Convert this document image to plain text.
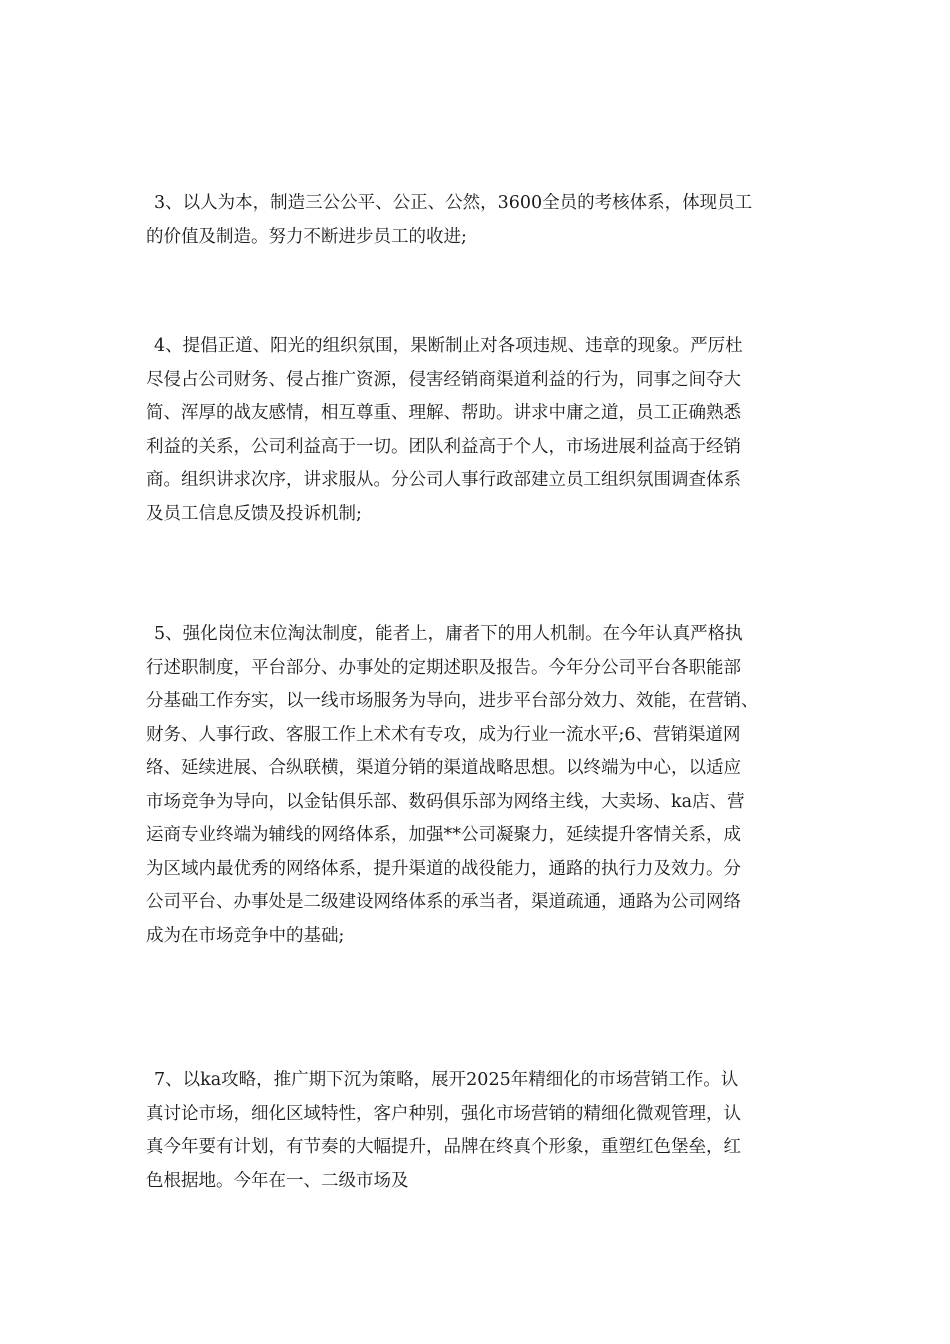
3、以人为本，制造三公公平、公正、公然，3600全员的考核体系，体现员工
的价值及制造。努力不断进步员工的收进;

4、提倡正道、阳光的组织氛围，果断制止对各项违规、违章的现象。严厉杜
尽侵占公司财务、侵占推广资源，侵害经销商渠道利益的行为，同事之间夺大
简、浑厚的战友感情，相互尊重、理解、帮助。讲求中庸之道，员工正确熟悉
利益的关系，公司利益高于一切。团队利益高于个人，市场进展利益高于经销
商。组织讲求次序，讲求服从。分公司人事行政部建立员工组织氛围调查体系
及员工信息反馈及投诉机制;

5、强化岗位末位淘汰制度，能者上，庸者下的用人机制。在今年认真严格执
行述职制度，平台部分、办事处的定期述职及报告。今年分公司平台各职能部
分基础工作夯实，以一线市场服务为导向，进步平台部分效力、效能，在营销、
财务、人事行政、客服工作上术术有专攻，成为行业一流水平;6、营销渠道网
络、延续进展、合纵联横，渠道分销的渠道战略思想。以终端为中心，以适应
市场竞争为导向，以金钻俱乐部、数码俱乐部为网络主线，大卖场、ka店、营
运商专业终端为辅线的网络体系，加强**公司凝聚力，延续提升客情关系，成
为区域内最优秀的网络体系，提升渠道的战役能力，通路的执行力及效力。分
公司平台、办事处是二级建设网络体系的承当者，渠道疏通，通路为公司网络
成为在市场竞争中的基础;

7、以ka攻略，推广期下沉为策略，展开2025年精细化的市场营销工作。认
真讨论市场，细化区域特性，客户种别，强化市场营销的精细化微观管理，认
真今年要有计划，有节奏的大幅提升，品牌在终真个形象，重塑红色堡垒，红
色根据地。今年在一、二级市场及
